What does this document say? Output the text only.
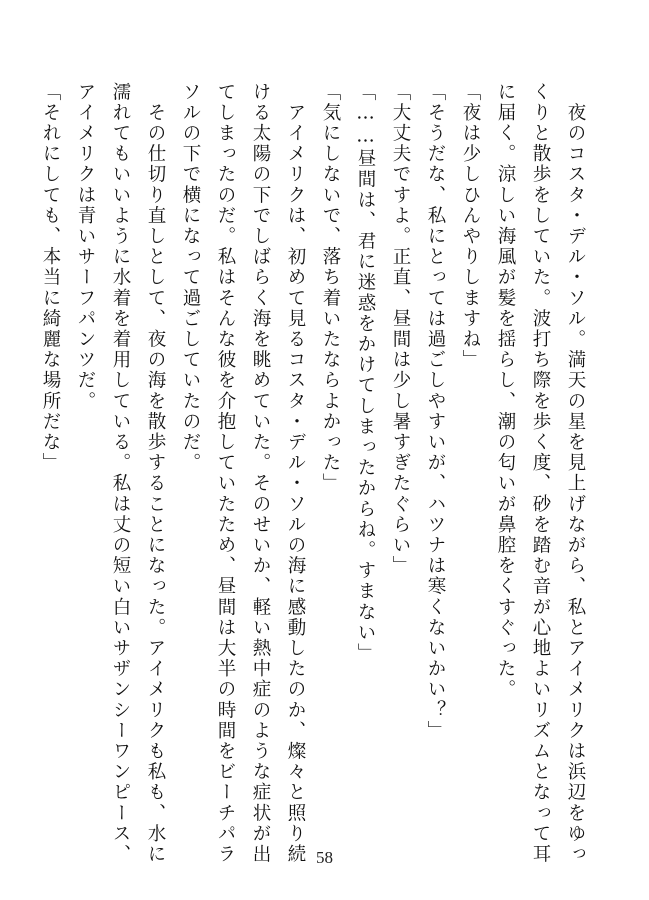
　夜のコスタ・デル・ソル。満天の星を見上げながら、私とアイメリクは浜辺をゆっ

くりと散歩をしていた。波打ち際を歩く度、砂を踏む音が心地よいリズムとなって耳

に届く。涼しい海風が髪を揺らし、潮の匂いが鼻腔をくすぐった。

「夜は少しひんやりしますね」

「そうだな、私にとっては過ごしやすいが、ハツナは寒くないかい？」

「大丈夫ですよ。正直、昼間は少し暑すぎたぐらい」

「……昼間は、君に迷惑をかけてしまったからね。すまない」

「気にしないで、落ち着いたならよかった」

　アイメリクは、初めて見るコスタ・デル・ソルの海に感動したのか、燦々と照り続

ける太陽の下でしばらく海を眺めていた。そのせいか、軽い熱中症のような症状が出

てしまったのだ。私はそんな彼を介抱していたため、昼間は大半の時間をビーチパラ

ソルの下で横になって過ごしていたのだ。

　その仕切り直しとして、夜の海を散歩することになった。アイメリクも私も、水に

濡れてもいいように水着を着用している。私は丈の短い白いサザンシーワンピース、

アイメリクは青いサーフパンツだ。

「それにしても、本当に綺麗な場所だな」

58
